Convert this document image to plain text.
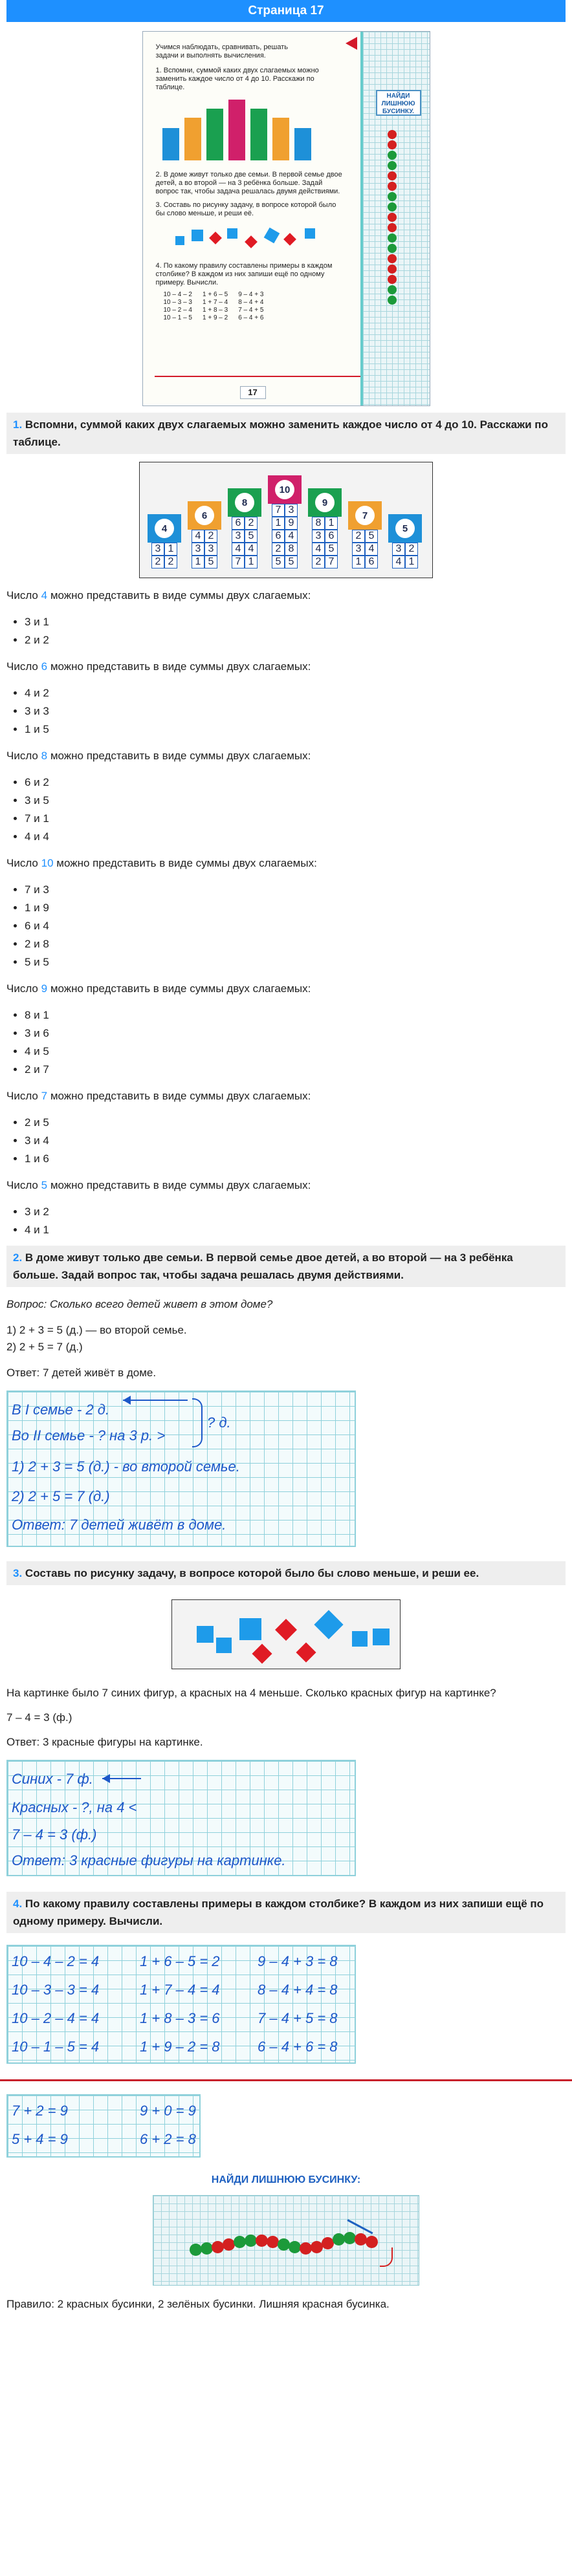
Страница 17
Учимся наблюдать, сравнивать, решать задачи и выполнять вычисления.
1. Вспомни, суммой каких двух слагаемых можно заменить каждое число от 4 до 10. Расскажи по таблице.
2. В доме живут только две семьи. В первой семье двое детей, а во второй — на 3 ребёнка больше. Задай вопрос так, чтобы задача решалась двумя действиями.
3. Составь по рисунку задачу, в вопросе которой было бы слово меньше, и реши её.
4. По какому правилу составлены примеры в каждом столбике? В каждом из них запиши ещё по одному примеру. Вычисли.
10 – 4 – 2
10 – 3 – 3
10 – 2 – 4
10 – 1 – 5
1 + 6 – 5
1 + 7 – 4
1 + 8 – 3
1 + 9 – 2
9 – 4 + 3
8 – 4 + 4
7 – 4 + 5
6 – 4 + 6
НАЙДИ ЛИШНЮЮ БУСИНКУ.
17
1. Вспомни, суммой каких двух слагаемых можно заменить каждое число от 4 до 10. Расскажи по таблице.
4
3 1
2 2
6
4 2
3 3
1 5
8
6 2
3 5
4 4
7 1
10
7 3
1 9
6 4
2 8
5 5
9
8 1
3 6
4 5
2 7
7
2 5
3 4
1 6
5
3 2
4 1

Число 4 можно представить в виде суммы двух слагаемых:

• 3 и 1
• 2 и 2

Число 6 можно представить в виде суммы двух слагаемых:

• 4 и 2
• 3 и 3
• 1 и 5

Число 8 можно представить в виде суммы двух слагаемых:

• 6 и 2
• 3 и 5
• 7 и 1
• 4 и 4

Число 10 можно представить в виде суммы двух слагаемых:

• 7 и 3
• 1 и 9
• 6 и 4
• 2 и 8
• 5 и 5

Число 9 можно представить в виде суммы двух слагаемых:

• 8 и 1
• 3 и 6
• 4 и 5
• 2 и 7

Число 7 можно представить в виде суммы двух слагаемых:

• 2 и 5
• 3 и 4
• 1 и 6

Число 5 можно представить в виде суммы двух слагаемых:

• 3 и 2
• 4 и 1
2. В доме живут только две семьи. В первой семье двое детей, а во второй — на 3 ребёнка больше. Задай вопрос так, чтобы задача решалась двумя действиями.

Вопрос: Сколько всего детей живет в этом доме?

1) 2 + 3 = 5 (д.) — во второй семье.
2) 2 + 5 = 7 (д.)

Ответ: 7 детей живёт в доме.

В I семье - 2 д.
Во II семье - ? на 3 р. >
? д.
1) 2 + 3 = 5 (д.) - во второй семье.
2) 2 + 5 = 7 (д.)
Ответ: 7 детей живёт в доме.
3. Составь по рисунку задачу, в вопросе которой было бы слово меньше, и реши ее.

На картинке было 7 синих фигур, а красных на 4 меньше. Сколько красных фигур на картинке?

7 – 4 = 3 (ф.)

Ответ: 3 красные фигуры на картинке.

Синих - 7 ф.
Красных - ?, на 4 <
7 – 4 = 3 (ф.)
Ответ: 3 красные фигуры на картинке.
4. По какому правилу составлены примеры в каждом столбике? В каждом из них запиши ещё по одному примеру. Вычисли.
10 – 4 – 2 = 4
10 – 3 – 3 = 4
10 – 2 – 4 = 4
10 – 1 – 5 = 4
1 + 6 – 5 = 2
1 + 7 – 4 = 4
1 + 8 – 3 = 6
1 + 9 – 2 = 8
9 – 4 + 3 = 8
8 – 4 + 4 = 8
7 – 4 + 5 = 8
6 – 4 + 6 = 8
7 + 2 = 9
5 + 4 = 9
9 + 0 = 9
6 + 2 = 8
НАЙДИ ЛИШНЮЮ БУСИНКУ:

Правило: 2 красных бусинки, 2 зелёных бусинки. Лишняя красная бусинка.
